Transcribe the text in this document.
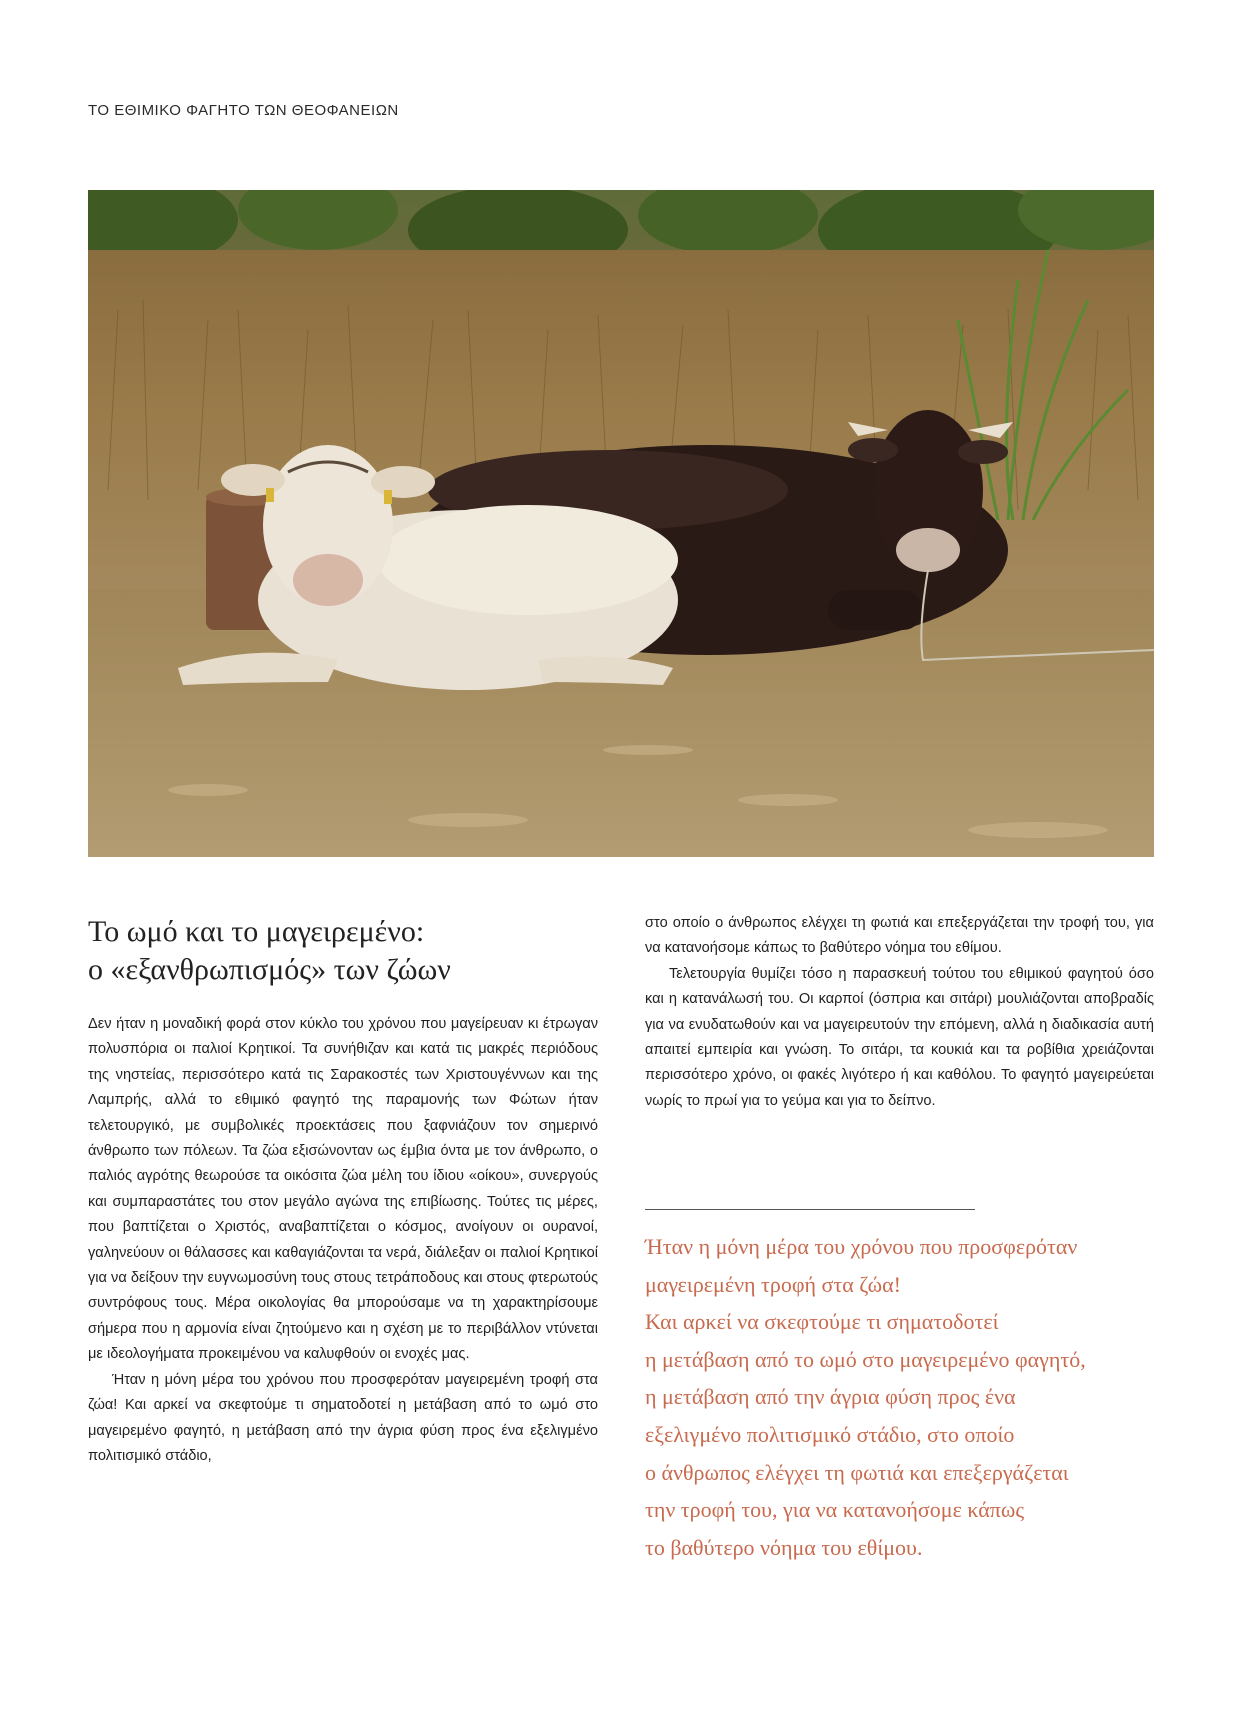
ΤΟ ΕΘΙΜΙΚΟ ΦΑΓΗΤΟ ΤΩΝ ΘΕΟΦΑΝΕΙΩΝ
Το ωμό και το μαγειρεμένο:
ο «εξανθρωπισμός» των ζώων

Δεν ήταν η μοναδική φορά στον κύκλο του χρόνου που μαγείρευαν κι έτρωγαν πολυσπόρια οι παλιοί Κρητικοί. Τα συνήθιζαν και κατά τις μακρές περιόδους της νηστείας, περισσότερο κατά τις Σαρακοστές των Χριστουγέννων και της Λαμπρής, αλλά το εθιμικό φαγητό της παραμονής των Φώτων ήταν τελετουργικό, με συμβολικές προεκτάσεις που ξαφνιάζουν τον σημερινό άνθρωπο των πόλεων. Τα ζώα εξισώνονταν ως έμβια όντα με τον άνθρωπο, ο παλιός αγρότης θεωρούσε τα οικόσιτα ζώα μέλη του ίδιου «οίκου», συνεργούς και συμπαραστάτες του στον μεγάλο αγώνα της επιβίωσης. Τούτες τις μέρες, που βαπτίζεται ο Χριστός, αναβαπτίζεται ο κόσμος, ανοίγουν οι ουρανοί, γαληνεύουν οι θάλασσες και καθαγιάζονται τα νερά, διάλεξαν οι παλιοί Κρητικοί για να δείξουν την ευγνωμοσύνη τους στους τετράποδους και στους φτερωτούς συντρόφους τους. Μέρα οικολογίας θα μπορούσαμε να τη χαρακτηρίσουμε σήμερα που η αρμονία είναι ζητούμενο και η σχέση με το περιβάλλον ντύνεται με ιδεολογήματα προκειμένου να καλυφθούν οι ενοχές μας.

Ήταν η μόνη μέρα του χρόνου που προσφερόταν μαγειρεμένη τροφή στα ζώα! Και αρκεί να σκεφτούμε τι σηματοδοτεί η μετάβαση από το ωμό στο μαγειρεμένο φαγητό, η μετάβαση από την άγρια φύση προς ένα εξελιγμένο πολιτισμικό στάδιο,

στο οποίο ο άνθρωπος ελέγχει τη φωτιά και επεξεργάζεται την τροφή του, για να κατανοήσομε κάπως το βαθύτερο νόημα του εθίμου.

Τελετουργία θυμίζει τόσο η παρασκευή τούτου του εθιμικού φαγητού όσο και η κατανάλωσή του. Οι καρποί (όσπρια και σιτάρι) μουλιάζονται αποβραδίς για να ενυδατωθούν και να μαγειρευτούν την επόμενη, αλλά η διαδικασία αυτή απαιτεί εμπειρία και γνώση. Το σιτάρι, τα κουκιά και τα ροβίθια χρειάζονται περισσότερο χρόνο, οι φακές λιγότερο ή και καθόλου. Το φαγητό μαγειρεύεται νωρίς το πρωί για το γεύμα και για το δείπνο.

Ήταν η μόνη μέρα του χρόνου που προσφερόταν
μαγειρεμένη τροφή στα ζώα!
Και αρκεί να σκεφτούμε τι σηματοδοτεί
η μετάβαση από το ωμό στο μαγειρεμένο φαγητό,
η μετάβαση από την άγρια φύση προς ένα
εξελιγμένο πολιτισμικό στάδιο, στο οποίο
ο άνθρωπος ελέγχει τη φωτιά και επεξεργάζεται
την τροφή του, για να κατανοήσομε κάπως
το βαθύτερο νόημα του εθίμου.
